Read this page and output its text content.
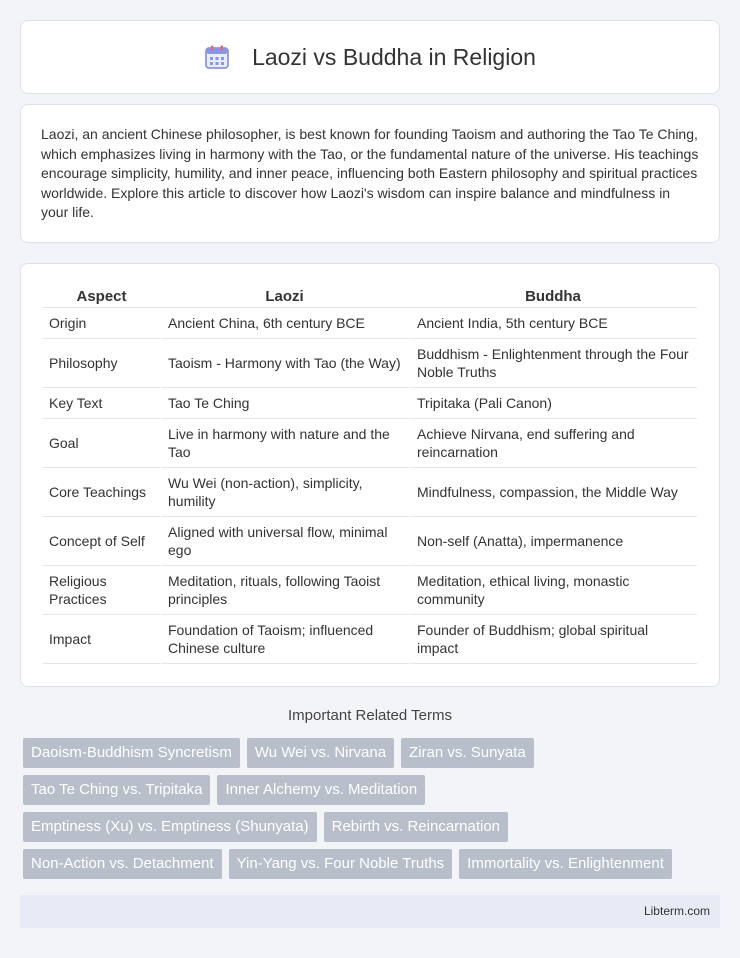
Laozi vs Buddha in Religion

Laozi, an ancient Chinese philosopher, is best known for founding Taoism and authoring the Tao Te Ching, which emphasizes living in harmony with the Tao, or the fundamental nature of the universe. His teachings encourage simplicity, humility, and inner peace, influencing both Eastern philosophy and spiritual practices worldwide. Explore this article to discover how Laozi's wisdom can inspire balance and mindfulness in your life.

Aspect	Laozi	Buddha
Origin	Ancient China, 6th century BCE	Ancient India, 5th century BCE
Philosophy	Taoism - Harmony with Tao (the Way)	Buddhism - Enlightenment through the Four Noble Truths
Key Text	Tao Te Ching	Tripitaka (Pali Canon)
Goal	Live in harmony with nature and the Tao	Achieve Nirvana, end suffering and reincarnation
Core Teachings	Wu Wei (non-action), simplicity, humility	Mindfulness, compassion, the Middle Way
Concept of Self	Aligned with universal flow, minimal ego	Non-self (Anatta), impermanence
Religious Practices	Meditation, rituals, following Taoist principles	Meditation, ethical living, monastic community
Impact	Foundation of Taoism; influenced Chinese culture	Founder of Buddhism; global spiritual impact
Important Related Terms
Daoism-Buddhism Syncretism	Wu Wei vs. Nirvana	Ziran vs. Sunyata
Tao Te Ching vs. Tripitaka	Inner Alchemy vs. Meditation
Emptiness (Xu) vs. Emptiness (Shunyata)	Rebirth vs. Reincarnation
Non-Action vs. Detachment	Yin-Yang vs. Four Noble Truths	Immortality vs. Enlightenment
Libterm.com
